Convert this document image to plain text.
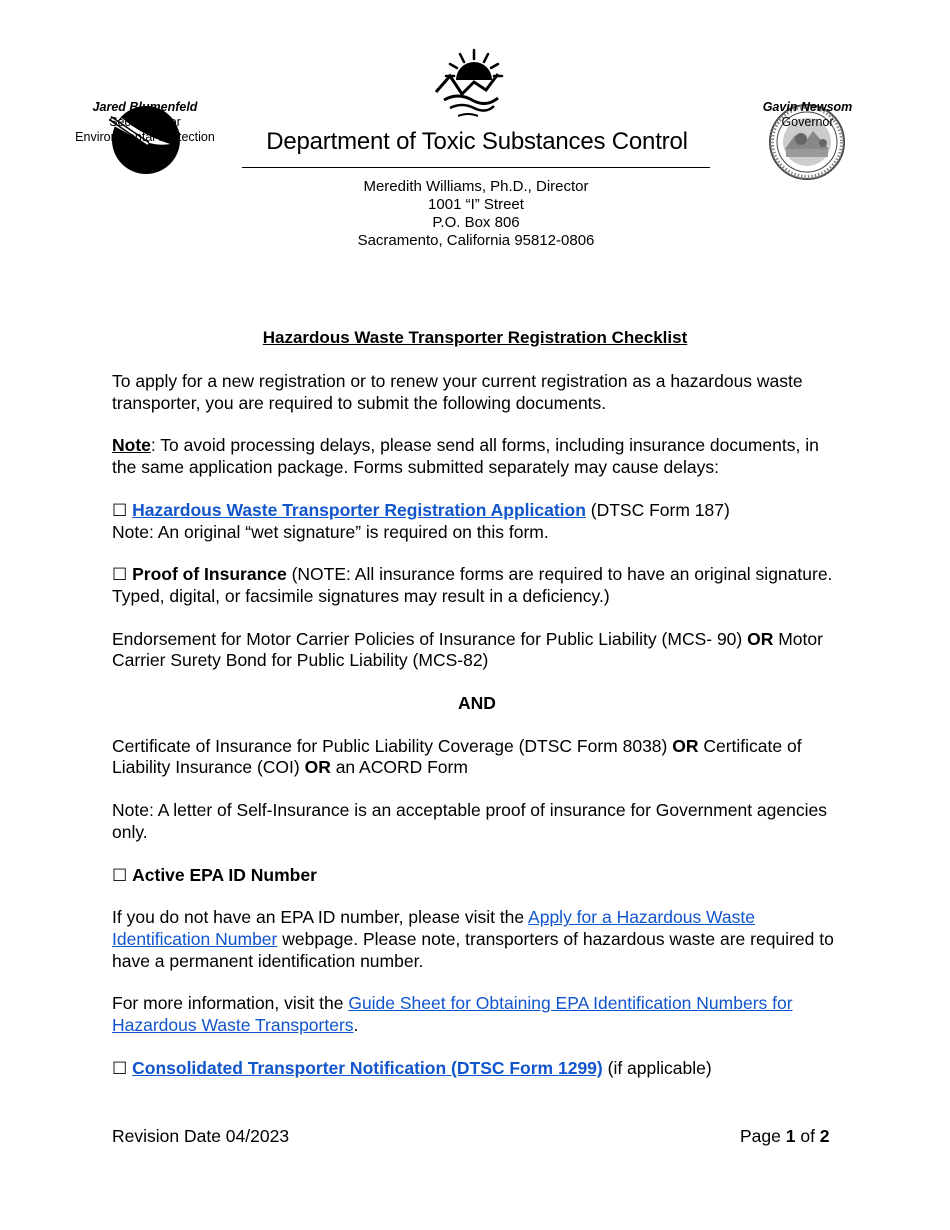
Jared Blumenfeld
Secretary for
Environmental Protection	Department of Toxic Substances Control
Meredith Williams, Ph.D., Director
1001 “I” Street
P.O. Box 806
Sacramento, California 95812-0806
Gavin Newsom
Governor
Hazardous Waste Transporter Registration Checklist

To apply for a new registration or to renew your current registration as a hazardous waste transporter, you are required to submit the following documents.

Note: To avoid processing delays, please send all forms, including insurance documents, in the same application package. Forms submitted separately may cause delays:

☐ Hazardous Waste Transporter Registration Application (DTSC Form 187)
Note: An original “wet signature” is required on this form.

☐ Proof of Insurance (NOTE: All insurance forms are required to have an original signature. Typed, digital, or facsimile signatures may result in a deficiency.)

Endorsement for Motor Carrier Policies of Insurance for Public Liability (MCS- 90) OR Motor Carrier Surety Bond for Public Liability (MCS-82)

AND

Certificate of Insurance for Public Liability Coverage (DTSC Form 8038) OR Certificate of Liability Insurance (COI) OR an ACORD Form

Note: A letter of Self-Insurance is an acceptable proof of insurance for Government agencies only.

☐ Active EPA ID Number

If you do not have an EPA ID number, please visit the Apply for a Hazardous Waste Identification Number webpage. Please note, transporters of hazardous waste are required to have a permanent identification number.

For more information, visit the Guide Sheet for Obtaining EPA Identification Numbers for Hazardous Waste Transporters.

☐ Consolidated Transporter Notification (DTSC Form 1299) (if applicable)

Revision Date 04/2023	Page 1 of 2
